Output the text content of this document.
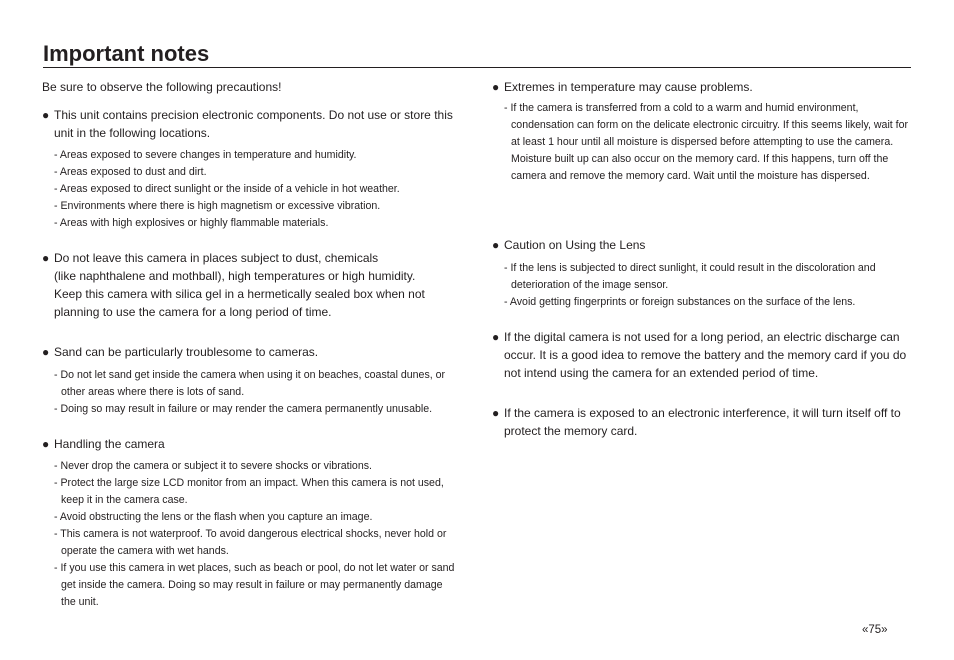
Important notes
Be sure to observe the following precautions!
● This unit contains precision electronic components. Do not use or store this unit in the following locations.
- Areas exposed to severe changes in temperature and humidity.
- Areas exposed to dust and dirt.
- Areas exposed to direct sunlight or the inside of a vehicle in hot weather.
- Environments where there is high magnetism or excessive vibration.
- Areas with high explosives or highly flammable materials.
● Do not leave this camera in places subject to dust, chemicals
(like naphthalene and mothball), high temperatures or high humidity.
Keep this camera with silica gel in a hermetically sealed box when not
planning to use the camera for a long period of time.
● Sand can be particularly troublesome to cameras.
- Do not let sand get inside the camera when using it on beaches, coastal dunes, or other areas where there is lots of sand.
- Doing so may result in failure or may render the camera permanently unusable.
● Handling the camera
- Never drop the camera or subject it to severe shocks or vibrations.
- Protect the large size LCD monitor from an impact. When this camera is not used, keep it in the camera case.
- Avoid obstructing the lens or the flash when you capture an image.
- This camera is not waterproof. To avoid dangerous electrical shocks, never hold or operate the camera with wet hands.
- If you use this camera in wet places, such as beach or pool, do not let water or sand get inside the camera. Doing so may result in failure or may permanently damage the unit.
● Extremes in temperature may cause problems.
- If the camera is transferred from a cold to a warm and humid environment, condensation can form on the delicate electronic circuitry. If this seems likely, wait for at least 1 hour until all moisture is dispersed before attempting to use the camera.
Moisture built up can also occur on the memory card. If this happens, turn off the camera and remove the memory card. Wait until the moisture has dispersed.
● Caution on Using the Lens
- If the lens is subjected to direct sunlight, it could result in the discoloration and deterioration of the image sensor.
- Avoid getting fingerprints or foreign substances on the surface of the lens.
● If the digital camera is not used for a long period, an electric discharge can occur. It is a good idea to remove the battery and the memory card if you do not intend using the camera for an extended period of time.
● If the camera is exposed to an electronic interference, it will turn itself off to protect the memory card.
«75»
